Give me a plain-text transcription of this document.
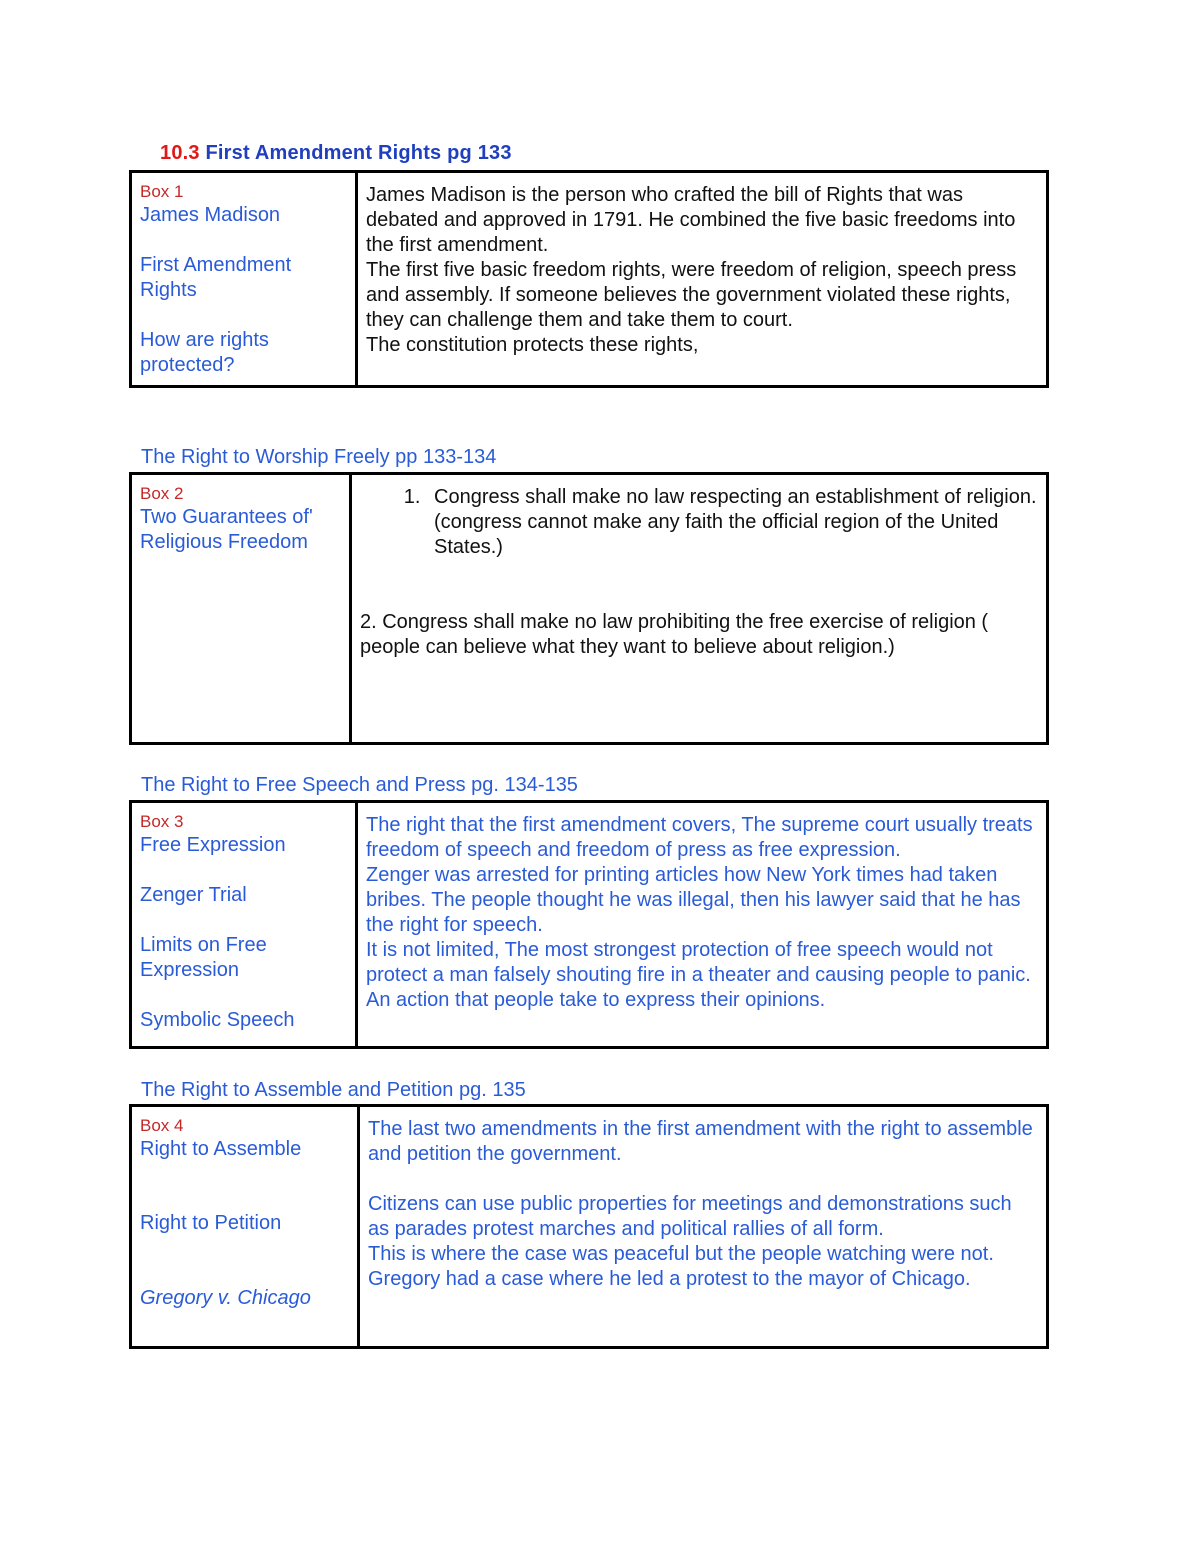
10.3 First Amendment Rights pg 133
Box 1
James Madison
First Amendment Rights
How are rights protected?
James Madison is the person who crafted the bill of Rights that was debated and approved in 1791. He combined the five basic freedoms into the first amendment.
The first five basic freedom rights, were freedom of religion, speech press and assembly. If someone believes the government violated these rights, they can challenge them and take them to court.
The constitution protects these rights,
The Right to Worship Freely pp 133-134
Box 2
Two Guarantees of' Religious Freedom
1. Congress shall make no law respecting an establishment of religion. (congress cannot make any faith the official region of the United States.)
2. Congress shall make no law prohibiting the free exercise of religion ( people can believe what they want to believe about religion.)
The Right to Free Speech and Press pg. 134-135
Box 3
Free Expression
Zenger Trial
Limits on Free Expression
Symbolic Speech
The right that the first amendment covers, The supreme court usually treats freedom of speech and freedom of press as free expression.
Zenger was arrested for printing articles how New York times had taken bribes. The people thought he was illegal, then his lawyer said that he has the right for speech.
It is not limited, The most strongest protection of free speech would not protect a man falsely shouting fire in a theater and causing people to panic.
An action that people take to express their opinions.
The Right to Assemble and Petition pg. 135
Box 4
Right to Assemble
Right to Petition
Gregory v. Chicago
The last two amendments in the first amendment with the right to assemble and petition the government.
Citizens can use public properties for meetings and demonstrations such as parades protest marches and political rallies of all form.
This is where the case was peaceful but the people watching were not. Gregory had a case where he led a protest to the mayor of Chicago.
